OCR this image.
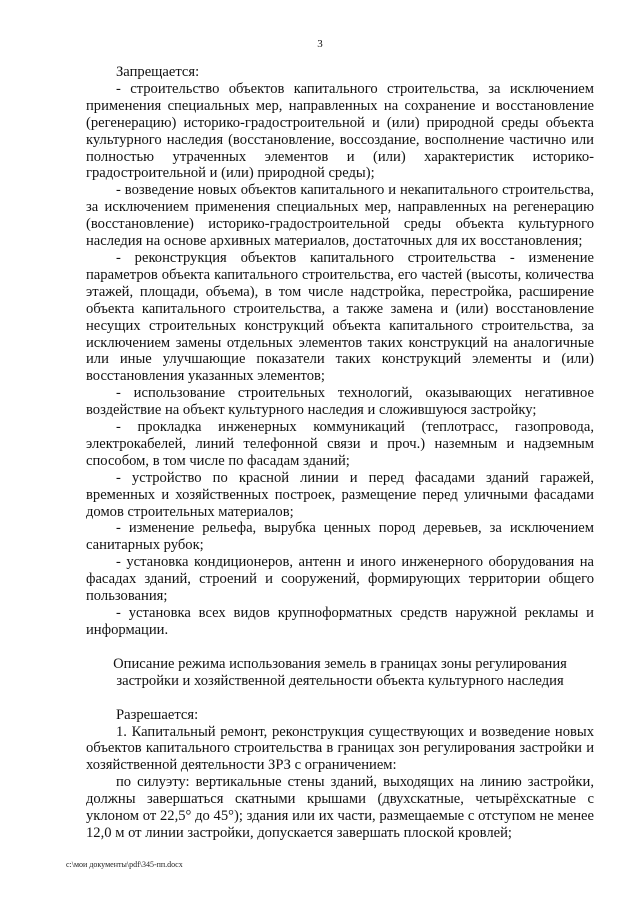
3

Запрещается:

- строительство объектов капитального строительства, за исключением применения специальных мер, направленных на сохранение и восстановление (регенерацию) историко-градостроительной и (или) природной среды объекта культурного наследия (восстановление, воссоздание, восполнение частично или полностью утраченных элементов и (или) характеристик историко-градостроительной и (или) природной среды);

- возведение новых объектов капитального и некапитального строительства, за исключением применения специальных мер, направленных на регенерацию (восстановление) историко-градостроительной среды объекта культурного наследия на основе архивных материалов, достаточных для их восстановления;

- реконструкция объектов капитального строительства - изменение параметров объекта капитального строительства, его частей (высоты, количества этажей, площади, объема), в том числе надстройка, перестройка, расширение объекта капитального строительства, а также замена и (или) восстановление несущих строительных конструкций объекта капитального строительства, за исключением замены отдельных элементов таких конструкций на аналогичные или иные улучшающие показатели таких конструкций элементы и (или) восстановления указанных элементов;

- использование строительных технологий, оказывающих негативное воздействие на объект культурного наследия и сложившуюся застройку;

- прокладка инженерных коммуникаций (теплотрасс, газопровода, электрокабелей, линий телефонной связи и проч.) наземным и надземным способом, в том числе по фасадам зданий;

- устройство по красной линии и перед фасадами зданий гаражей, временных и хозяйственных построек, размещение перед уличными фасадами домов строительных материалов;

- изменение рельефа, вырубка ценных пород деревьев, за исключением санитарных рубок;

- установка кондиционеров, антенн и иного инженерного оборудования на фасадах зданий, строений и сооружений, формирующих территории общего пользования;

- установка всех видов крупноформатных средств наружной рекламы и информации.

Описание режима использования земель в границах зоны регулирования застройки и хозяйственной деятельности объекта культурного наследия

Разрешается:

1. Капитальный ремонт, реконструкция существующих и возведение новых объектов капитального строительства в границах зон регулирования застройки и хозяйственной деятельности ЗРЗ с ограничением:

по силуэту: вертикальные стены зданий, выходящих на линию застройки, должны завершаться скатными крышами (двухскатные, четырёхскатные с уклоном от 22,5° до 45°); здания или их части, размещаемые с отступом не менее 12,0 м от линии застройки, допускается завершать плоской кровлей;

c:\мои документы\pdf\345-пп.docx
